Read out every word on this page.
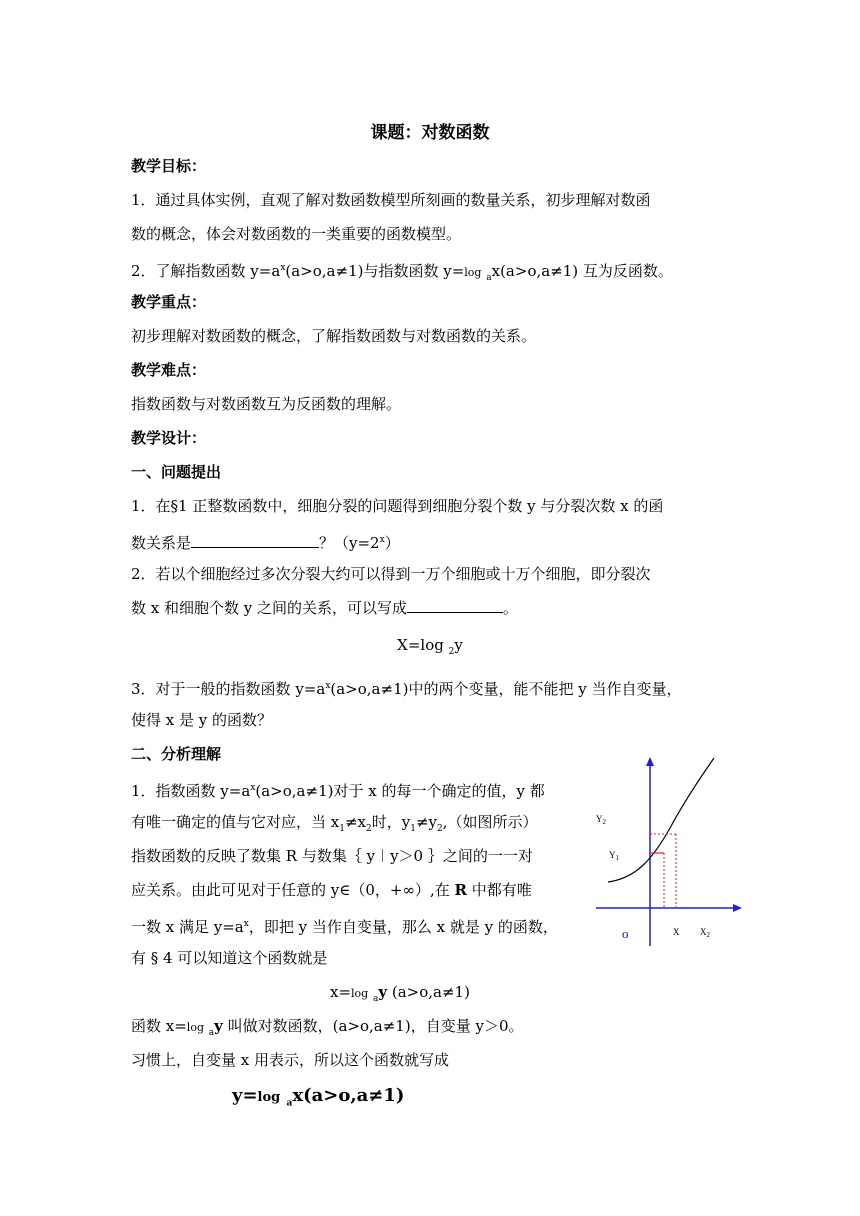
课题：对数函数
教学目标：
1．通过具体实例，直观了解对数函数模型所刻画的数量关系，初步理解对数函
数的概念，体会对数函数的一类重要的函数模型。
2．了解指数函数 $y=a^x(a>o,a\ne 1)$与指数函数 y=log $_a$x(a>o,a≠1) 互为反函数。
教学重点：
初步理解对数函数的概念，了解指数函数与对数函数的关系。
教学难点：
指数函数与对数函数互为反函数的理解。
教学设计：
一、问题提出
1．在§1 正整数函数中，细胞分裂的问题得到细胞分裂个数 y 与分裂次数 x 的函
数关系是	？$(y=2^x)$
2．若以个细胞经过多次分裂大约可以得到一万个细胞或十万个细胞，即分裂次
数 x 和细胞个数 y 之间的关系，可以写成	。
X=log $_2$y
3．对于一般的指数函数 $y=a^x(a>o,a\ne 1)$中的两个变量，能不能把 y 当作自变量，
使得 x 是 y 的函数？
二、分析理解
1．指数函数 $y=a^x(a>o,a\ne 1)$对于 x 的每一个确定的值，y 都
有唯一确定的值与它对应，当 $x_1\ne x_2$时，$y_1\ne y_2$,（如图所示）
指数函数的反映了数集 R 与数集｛ y︱y＞0 ｝之间的一一对
应关系。由此可见对于任意的 y∈（0，+∞）,在 R 中都有唯
一数 x 满足 $y=a^x$，即把 y 当作自变量，那么 x 就是 y 的函数，
有 § 4 可以知道这个函数就是
x=log $_a$y (a>o,a≠1)
函数 x=log $_a$y 叫做对数函数，(a>o,a≠1)，自变量 y＞0。
习惯上，自变量 x 用表示，所以这个函数就写成
y=log $_a$x(a>o,a≠1)
$Y_2$
$Y_1$
o	X $X_2$
